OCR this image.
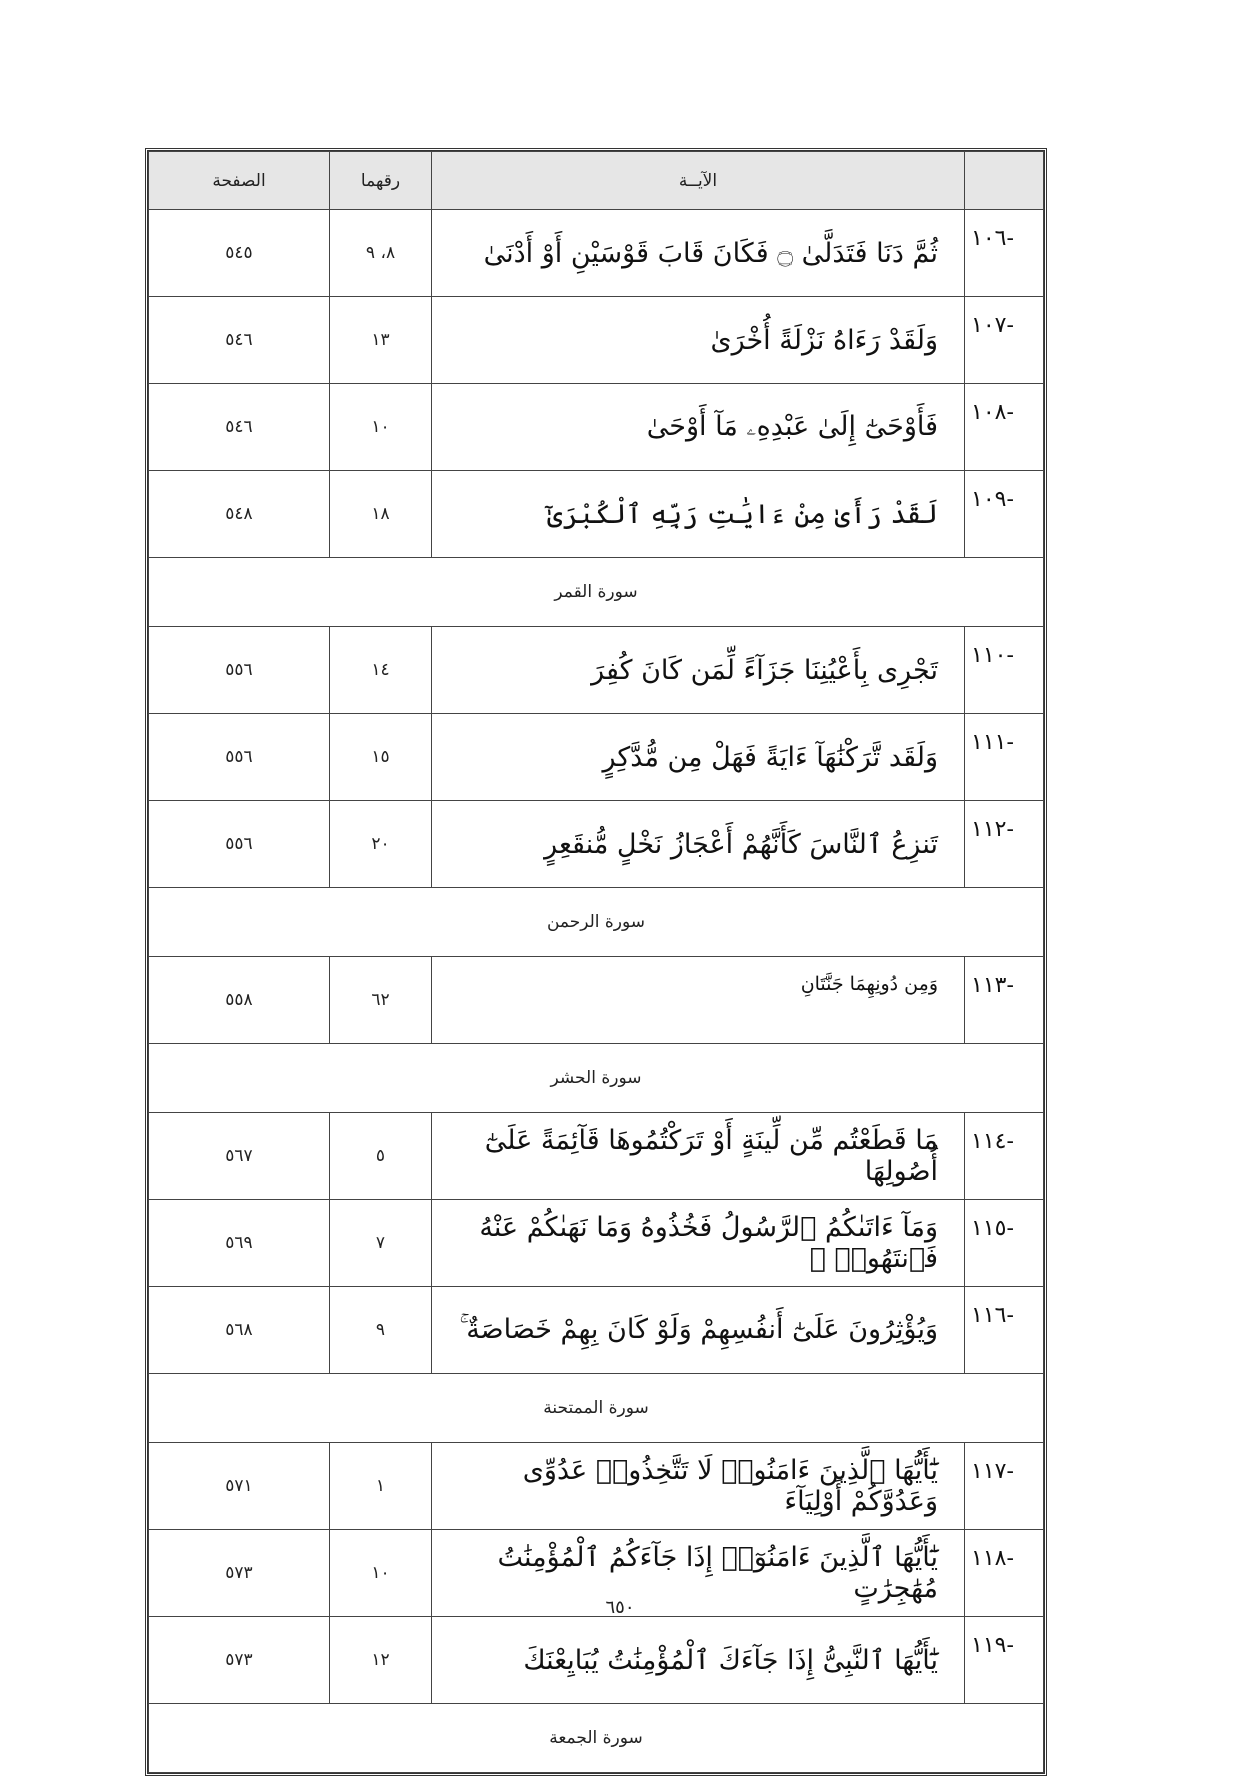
	الآيــة	رقهما	الصفحة
-١٠٦	ثُمَّ دَنَا فَتَدَلَّىٰ ۝ فَكَانَ قَابَ قَوْسَيْنِ أَوْ أَدْنَىٰ	٨، ٩	٥٤٥
-١٠٧	وَلَقَدْ رَءَاهُ نَزْلَةً أُخْرَىٰ	١٣	٥٤٦
-١٠٨	فَأَوْحَىٰٓ إِلَىٰ عَبْدِهِۦ مَآ أَوْحَىٰ	١٠	٥٤٦
-١٠٩	لَقَدْ رَأَىٰ مِنْ ءَايَٰتِ رَبِّهِ ٱلْكُبْرَىٰٓ	١٨	٥٤٨
سورة القمر			
-١١٠	تَجْرِى بِأَعْيُنِنَا جَزَآءً لِّمَن كَانَ كُفِرَ	١٤	٥٥٦
-١١١	وَلَقَد تَّرَكْنَٰهَآ ءَايَةً فَهَلْ مِن مُّدَّكِرٍ	١٥	٥٥٦
-١١٢	تَنزِعُ ٱلنَّاسَ كَأَنَّهُمْ أَعْجَازُ نَخْلٍ مُّنقَعِرٍ	٢٠	٥٥٦
سورة الرحمن			
-١١٣	وَمِن دُونِهِمَا جَنَّتَانِ	٦٢	٥٥٨
سورة الحشر			
-١١٤	مَا قَطَعْتُم مِّن لِّينَةٍ أَوْ تَرَكْتُمُوهَا قَآئِمَةً عَلَىٰٓ أُصُولِهَا	٥	٥٦٧
-١١٥	وَمَآ ءَاتَىٰكُمُ ٱلرَّسُولُ فَخُذُوهُ وَمَا نَهَىٰكُمْ عَنْهُ فَٱنتَهُوا۟ ۚ	٧	٥٦٩
-١١٦	وَيُؤْثِرُونَ عَلَىٰٓ أَنفُسِهِمْ وَلَوْ كَانَ بِهِمْ خَصَاصَةٌ ۚ	٩	٥٦٨
سورة الممتحنة			
-١١٧	يَٰٓأَيُّهَا ٱلَّذِينَ ءَامَنُوا۟ لَا تَتَّخِذُوا۟ عَدُوِّى وَعَدُوَّكُمْ أَوْلِيَآءَ	١	٥٧١
-١١٨	يَٰٓأَيُّهَا ٱلَّذِينَ ءَامَنُوٓا۟ إِذَا جَآءَكُمُ ٱلْمُؤْمِنَٰتُ مُهَٰجِرَٰتٍ	١٠	٥٧٣
-١١٩	يَٰٓأَيُّهَا ٱلنَّبِىُّ إِذَا جَآءَكَ ٱلْمُؤْمِنَٰتُ يُبَايِعْنَكَ	١٢	٥٧٣
سورة الجمعة			
٦٥٠
